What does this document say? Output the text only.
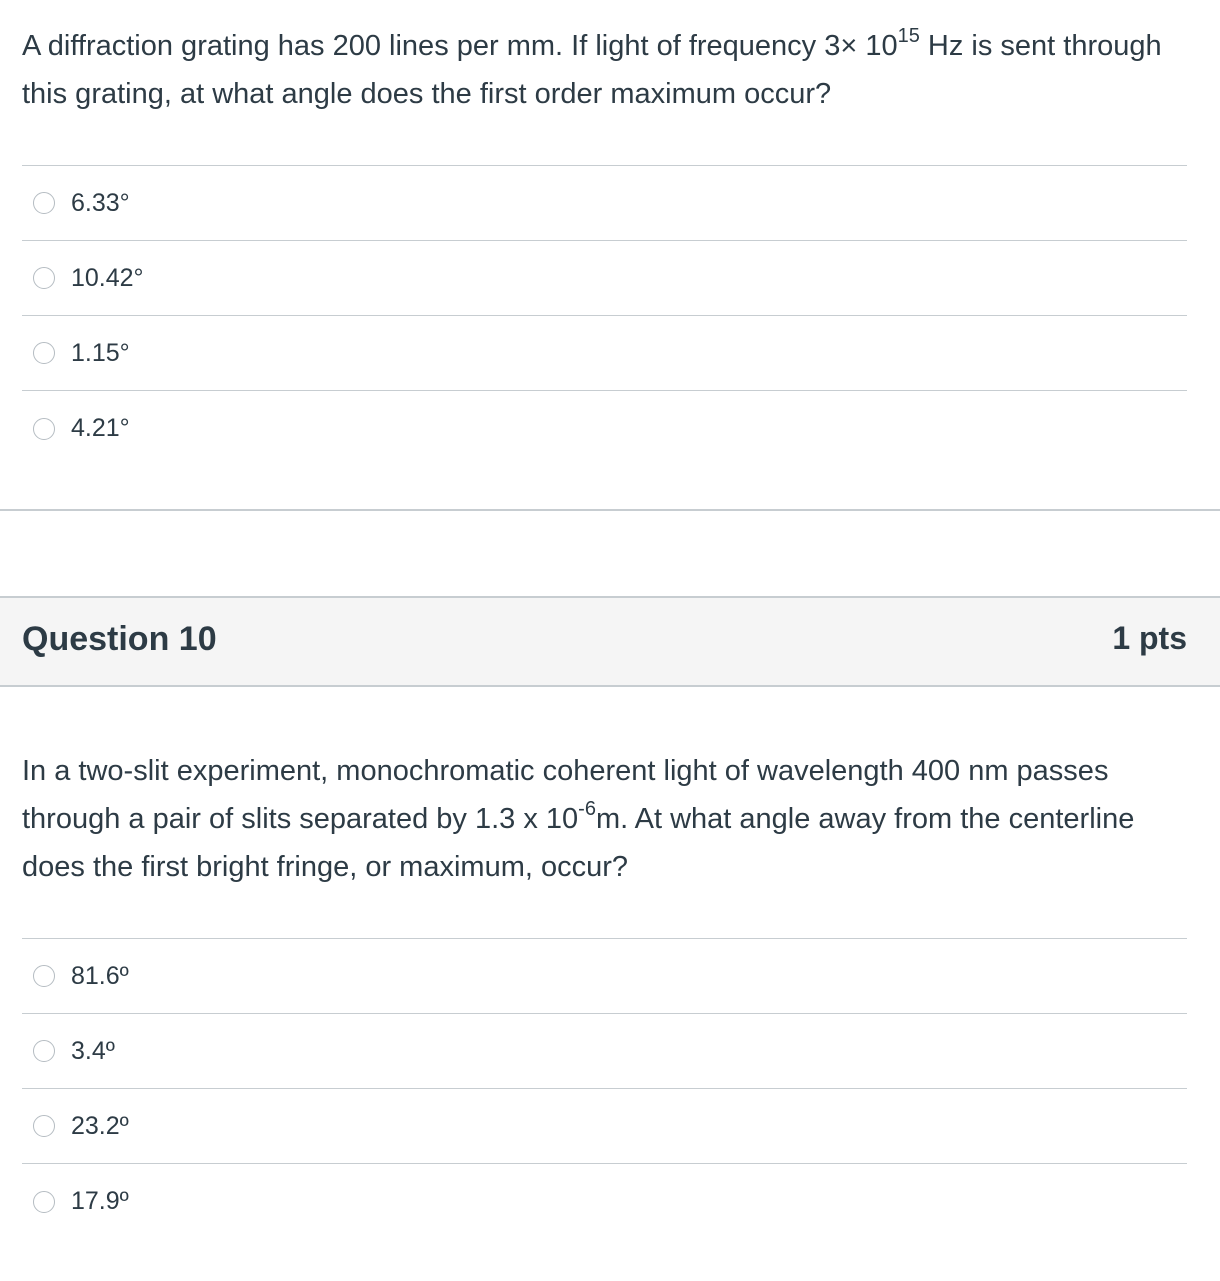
A diffraction grating has 200 lines per mm. If light of frequency $3\times 10^{15}$ Hz is sent through this grating, at what angle does the first order maximum occur?
6.33°
10.42°
1.15°
4.21°
Question 10	1 pts
In a two-slit experiment, monochromatic coherent light of wavelength 400 nm passes through a pair of slits separated by 1.3 x $10^{-6}m$. At what angle away from the centerline does the first bright fringe, or maximum, occur?
81.6º
3.4º
23.2º
17.9º
